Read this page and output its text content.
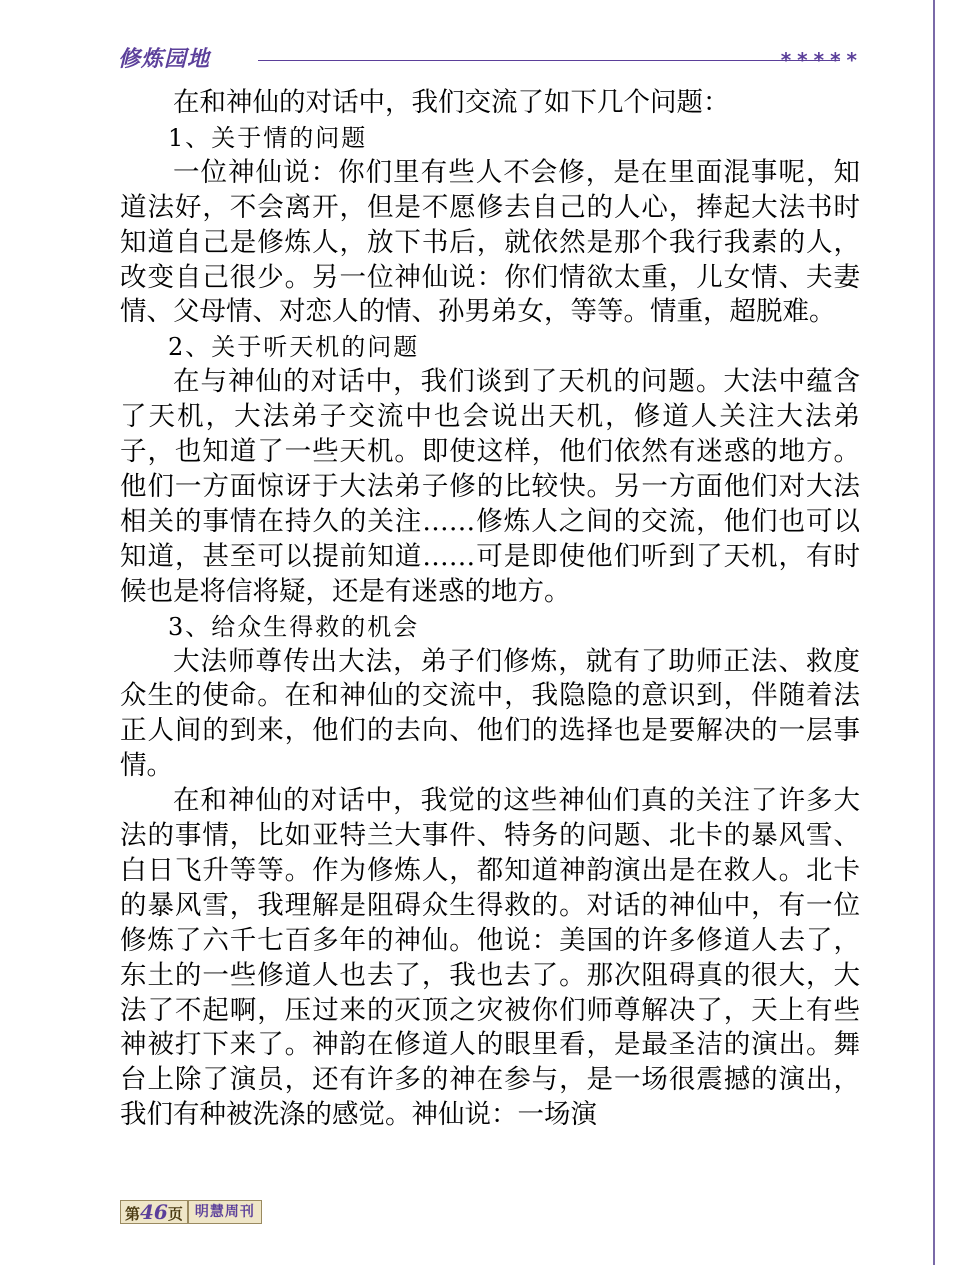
修炼园地	*****

在和神仙的对话中，我们交流了如下几个问题：

1、关于情的问题

一位神仙说：你们里有些人不会修，是在里面混事呢，知道法好，不会离开，但是不愿修去自己的人心，捧起大法书时知道自己是修炼人，放下书后，就依然是那个我行我素的人，改变自己很少。另一位神仙说：你们情欲太重，儿女情、夫妻情、父母情、对恋人的情、孙男弟女，等等。情重，超脱难。

2、关于听天机的问题

在与神仙的对话中，我们谈到了天机的问题。大法中蕴含了天机，大法弟子交流中也会说出天机，修道人关注大法弟子，也知道了一些天机。即使这样，他们依然有迷惑的地方。他们一方面惊讶于大法弟子修的比较快。另一方面他们对大法相关的事情在持久的关注……修炼人之间的交流，他们也可以知道，甚至可以提前知道……可是即使他们听到了天机，有时候也是将信将疑，还是有迷惑的地方。

3、给众生得救的机会

大法师尊传出大法，弟子们修炼，就有了助师正法、救度众生的使命。在和神仙的交流中，我隐隐的意识到，伴随着法正人间的到来，他们的去向、他们的选择也是要解决的一层事情。

在和神仙的对话中，我觉的这些神仙们真的关注了许多大法的事情，比如亚特兰大事件、特务的问题、北卡的暴风雪、白日飞升等等。作为修炼人，都知道神韵演出是在救人。北卡的暴风雪，我理解是阻碍众生得救的。对话的神仙中，有一位修炼了六千七百多年的神仙。他说：美国的许多修道人去了，东土的一些修道人也去了，我也去了。那次阻碍真的很大，大法了不起啊，压过来的灭顶之灾被你们师尊解决了，天上有些神被打下来了。神韵在修道人的眼里看，是最圣洁的演出。舞台上除了演员，还有许多的神在参与，是一场很震撼的演出，我们有种被洗涤的感觉。神仙说：一场演

第46页 明慧周刊
